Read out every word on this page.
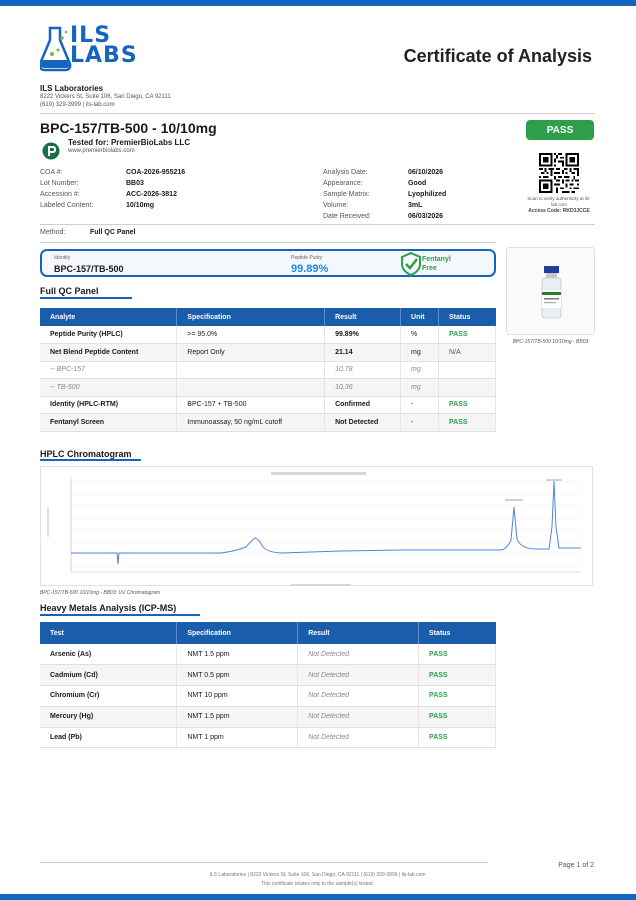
ILS
LABS	Certificate of Analysis
ILS Laboratories
8222 Vickers St, Suite 106, San Diego, CA 92111
(619) 329-3999 | ils-lab.com
BPC-157/TB-500 - 10/10mg	PASS
Tested for: PremierBioLabs LLC
www.premierbiolabs.com
COA #:	COA-2026-955216
Lot Number:	BB03
Accession #:	ACC-2026-3812
Labeled Content:	10/10mg
Analysis Date:	06/10/2026
Appearance:	Good
Sample Matrix:	Lyophilized
Volume:	3mL
Date Received:	06/03/2026
Scan to verify authenticity at ils-lab.com
Access Code: RKD3JCCE
Method:	Full QC Panel
Identity
BPC-157/TB-500
Peptide Purity
99.89%
Fentanyl
Free
BPC-157/TB-500 10/10mg - BB03
Full QC Panel
Analyte	Specification	Result	Unit	Status
Peptide Purity (HPLC)	>= 95.0%	99.89%	%	PASS
Net Blend Peptide Content	Report Only	21.14	mg	N/A
-- BPC-157		10.78	mg	
-- TB-500		10.36	mg	
Identity (HPLC-RTM)	BPC-157 + TB-500	Confirmed	-	PASS
Fentanyl Screen	Immunoassay, 50 ng/mL cutoff	Not Detected	-	PASS
HPLC Chromatogram
BPC-157/TB-500 10/10mg - BB03: UV Chromatogram
Heavy Metals Analysis (ICP-MS)
Test	Specification	Result	Status
Arsenic (As)	NMT 1.5 ppm	Not Detected	PASS
Cadmium (Cd)	NMT 0.5 ppm	Not Detected	PASS
Chromium (Cr)	NMT 10 ppm	Not Detected	PASS
Mercury (Hg)	NMT 1.5 ppm	Not Detected	PASS
Lead (Pb)	NMT 1 ppm	Not Detected	PASS
Page 1 of 2
ILS Laboratories | 8222 Vickers St, Suite 106, San Diego, CA 92111 | (619) 329-3999 | ils-lab.com
This certificate relates only to the sample(s) tested.
